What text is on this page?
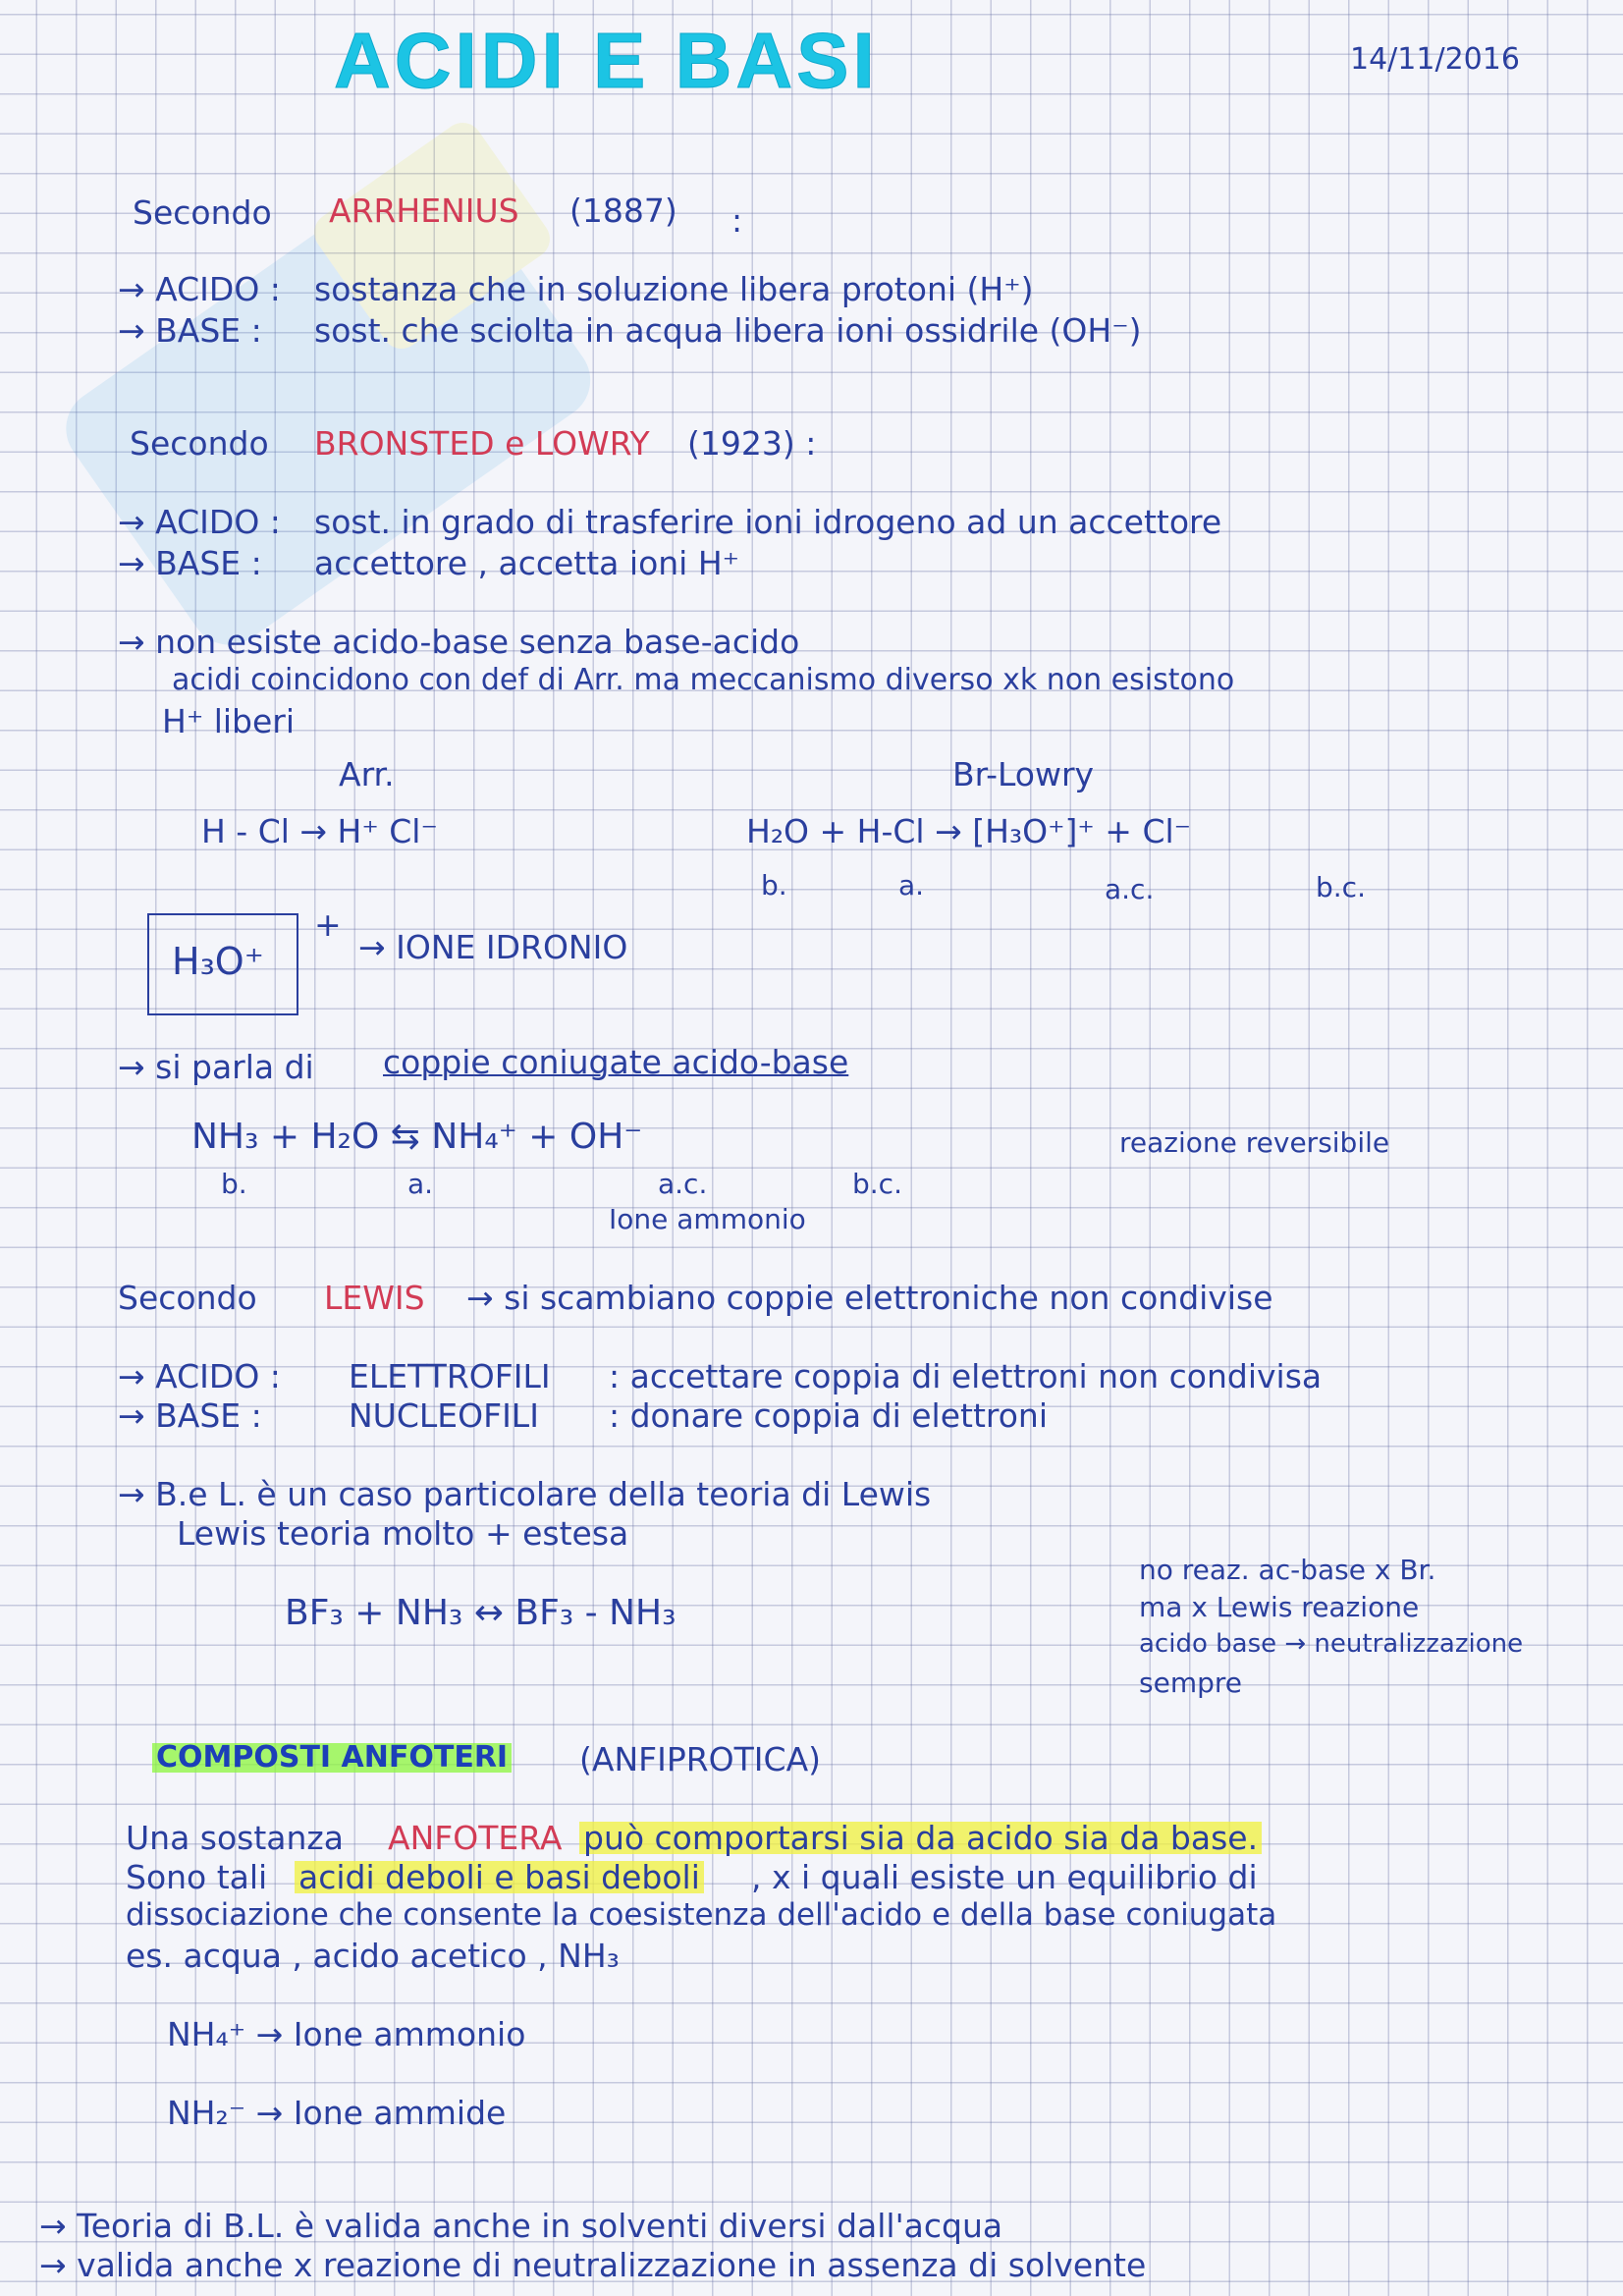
ACIDI E BASI	14/11/2016
Secondo ARRHENIUS (1887) :
→ ACIDO : sostanza che in soluzione libera protoni (H⁺)
→ BASE : sost. che sciolta in acqua libera ioni ossidrile (OH⁻)
Secondo BRONSTED e LOWRY (1923) :
→ ACIDO : sost. in grado di trasferire ioni idrogeno ad un accettore
→ BASE : accettore , accetta ioni H⁺
→ non esiste acido-base senza base-acido
acidi coincidono con def di Arr. ma meccanismo diverso xk non esistono
H⁺ liberi
Arr.
H - Cl → H⁺ Cl⁻
Br-Lowry
H₂O + H-Cl → [H₃O⁺]⁺ + Cl⁻
b.	a.	a.c.	b.c.
H₃O⁺
+
→ IONE IDRONIO
→ si parla di coppie coniugate acido-base
NH₃ + H₂O ⇆ NH₄⁺ + OH⁻
b.	a.	a.c.	b.c.
Ione ammonio
reazione reversibile
Secondo LEWIS → si scambiano coppie elettroniche non condivise
→ ACIDO : ELETTROFILI : accettare coppia di elettroni non condivisa
→ BASE :	NUCLEOFILI : donare coppia di elettroni
→ B.e L. è un caso particolare della teoria di Lewis
Lewis teoria molto + estesa
BF₃ + NH₃ ↔ BF₃ - NH₃
no reaz. ac-base x Br.
ma x Lewis reazione
acido base → neutralizzazione
sempre
COMPOSTI ANFOTERI (ANFIPROTICA)
Una sostanza ANFOTERA può comportarsi sia da acido sia da base.
Sono tali acidi deboli e basi deboli , x i quali esiste un equilibrio di
dissociazione che consente la coesistenza dell'acido e della base coniugata
es. acqua , acido acetico , NH₃
NH₄⁺ → Ione ammonio
NH₂⁻ → Ione ammide
→ Teoria di B.L. è valida anche in solventi diversi dall'acqua
→ valida anche x reazione di neutralizzazione in assenza di solvente
